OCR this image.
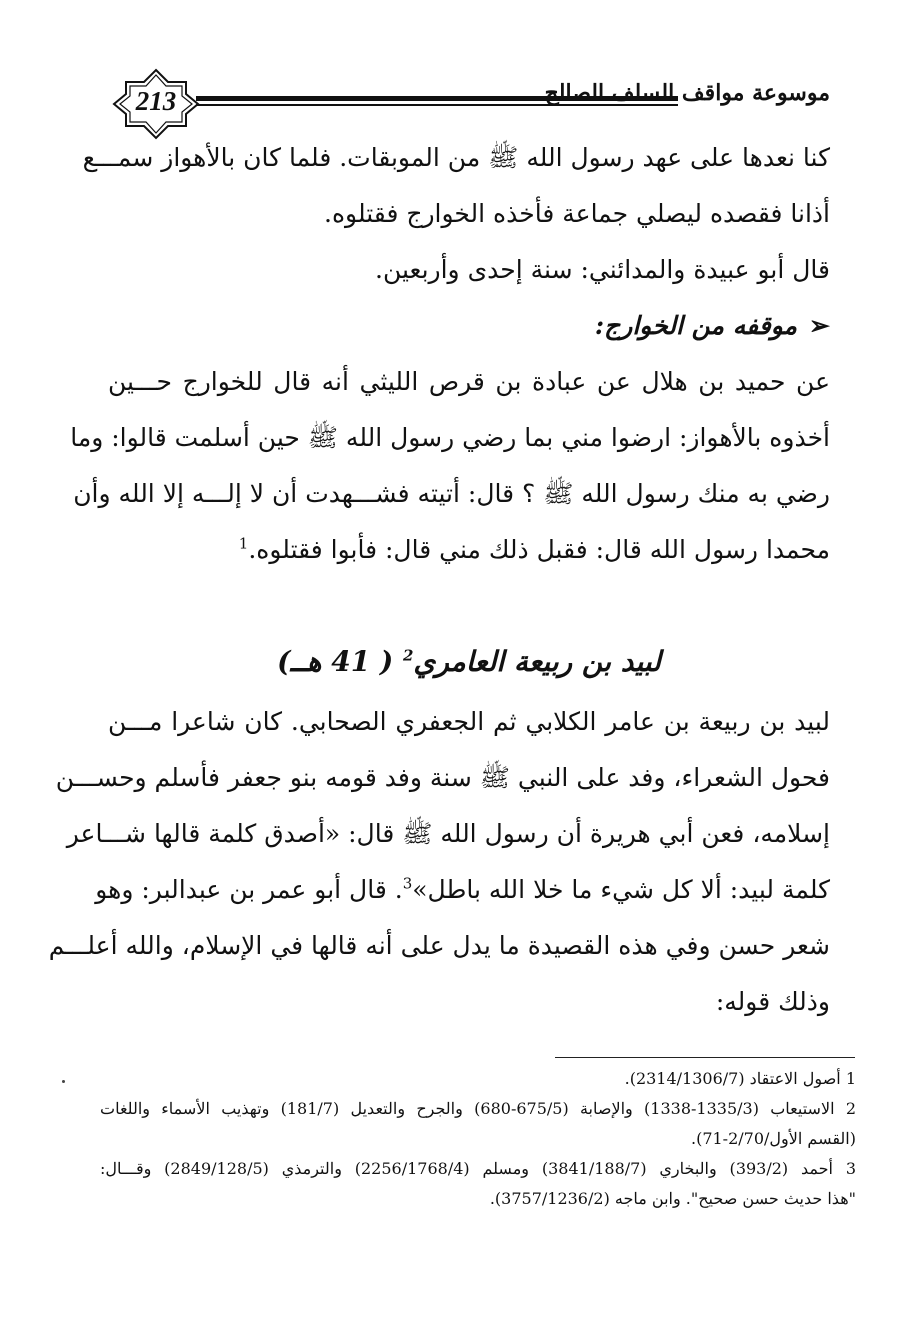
213	موسوعة مواقف السلف الصالح
كنا نعدها على عهد رسول الله ﷺ من الموبقات. فلما كان بالأهواز سمـــع
أذانا فقصده ليصلي جماعة فأخذه الخوارج فقتلوه.
قال أبو عبيدة والمدائني: سنة إحدى وأربعين.
➢موقفه من الخوارج:
عن حميد بن هلال عن عبادة بن قرص الليثي أنه قال للخوارج حـــين
أخذوه بالأهواز: ارضوا مني بما رضي رسول الله ﷺ حين أسلمت قالوا: وما
رضي به منك رسول الله ﷺ ؟ قال: أتيته فشـــهدت أن لا إلـــه إلا الله وأن
محمدا رسول الله قال: فقبل ذلك مني قال: فأبوا فقتلوه.$^1$
لبيد بن ربيعة العامري$^2$ ( 41 هــ)
لبيد بن ربيعة بن عامر الكلابي ثم الجعفري الصحابي. كان شاعرا مـــن
فحول الشعراء، وفد على النبي ﷺ سنة وفد قومه بنو جعفر فأسلم وحســـن
إسلامه، فعن أبي هريرة أن رسول الله ﷺ قال: «أصدق كلمة قالها شـــاعر
كلمة لبيد: ألا كل شيء ما خلا الله باطل»$^3$. قال أبو عمر بن عبدالبر: وهو
شعر حسن وفي هذه القصيدة ما يدل على أنه قالها في الإسلام، والله أعلـــم
وذلك قوله:
1 أصول الاعتقاد (2314/1306/7).
2 الاستيعاب (1335/3-1338) والإصابة (675/5-680) والجرح والتعديل (181/7) وتهذيب الأسماء واللغات
(القسم الأول/2/70-71).
3 أحمد (393/2) والبخاري (3841/188/7) ومسلم (2256/1768/4) والترمذي (2849/128/5) وقـــال:
"هذا حديث حسن صحيح". وابن ماجه (3757/1236/2).
